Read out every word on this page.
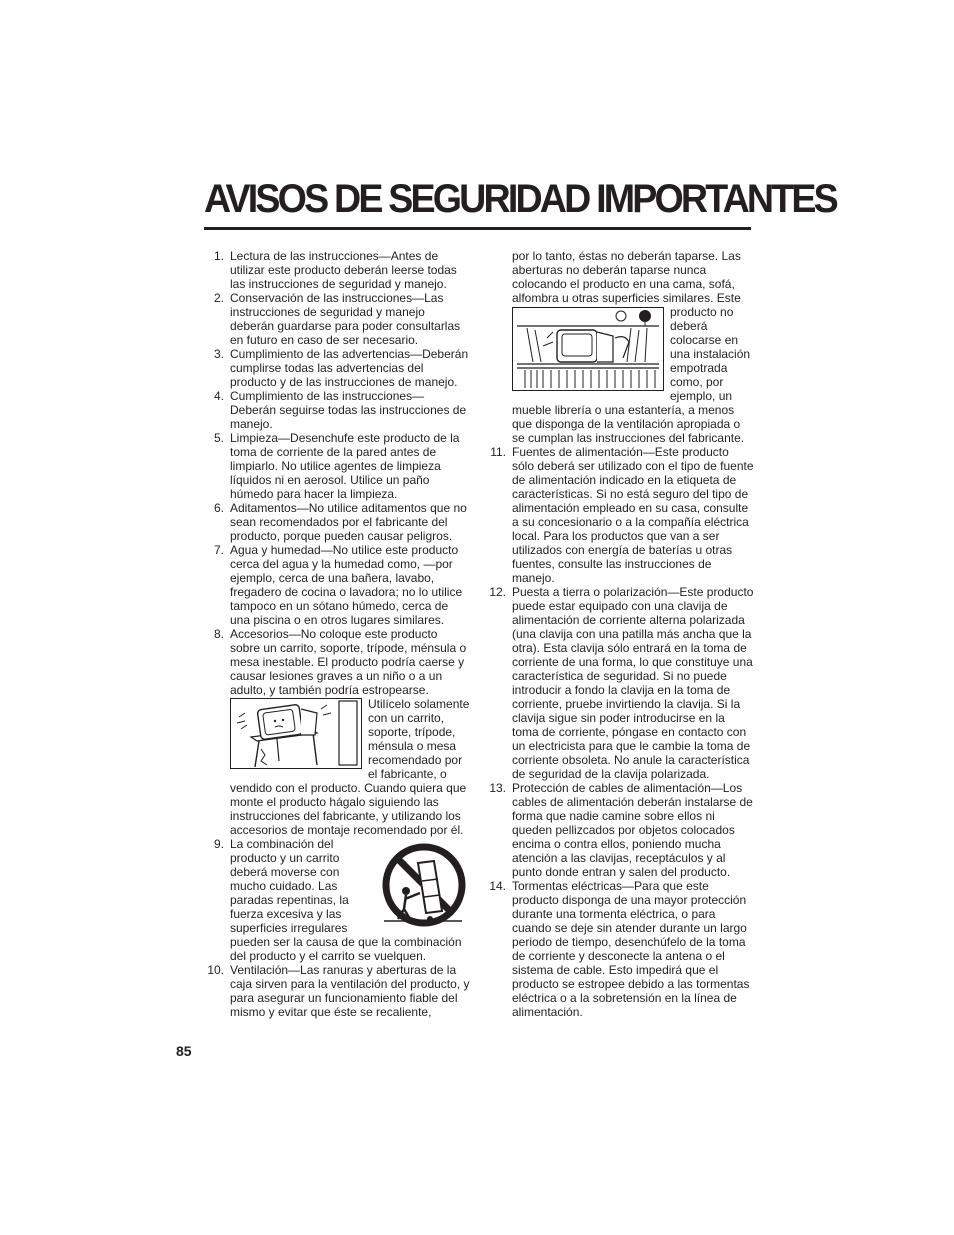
AVISOS DE SEGURIDAD IMPORTANTES
1. Lectura de las instrucciones—Antes de utilizar este producto deberán leerse todas las instrucciones de seguridad y manejo.
2. Conservación de las instrucciones—Las instrucciones de seguridad y manejo deberán guardarse para poder consultarlas en futuro en caso de ser necesario.
3. Cumplimiento de las advertencias—Deberán cumplirse todas las advertencias del producto y de las instrucciones de manejo.
4. Cumplimiento de las instrucciones—Deberán seguirse todas las instrucciones de manejo.
5. Limpieza—Desenchufe este producto de la toma de corriente de la pared antes de limpiarlo. No utilice agentes de limpieza líquidos ni en aerosol. Utilice un paño húmedo para hacer la limpieza.
6. Aditamentos—No utilice aditamentos que no sean recomendados por el fabricante del producto, porque pueden causar peligros.
7. Agua y humedad—No utilice este producto cerca del agua y la humedad como, —por ejemplo, cerca de una bañera, lavabo, fregadero de cocina o lavadora; no lo utilice tampoco en un sótano húmedo, cerca de una piscina o en otros lugares similares.
8. Accesorios—No coloque este producto sobre un carrito, soporte, trípode, ménsula o mesa inestable. El producto podría caerse y causar lesiones graves a un niño o a un adulto, y también podría estropearse.
Utilícelo solamente con un carrito, soporte, trípode, ménsula o mesa recomendado por el fabricante, o vendido con el producto. Cuando quiera que monte el producto hágalo siguiendo las instrucciones del fabricante, y utilizando los accesorios de montaje recomendado por él.
9. La combinación del producto y un carrito deberá moverse con mucho cuidado. Las paradas repentinas, la fuerza excesiva y las superficies irregulares pueden ser la causa de que la combinación del producto y el carrito se vuelquen.
10. Ventilación—Las ranuras y aberturas de la caja sirven para la ventilación del producto, y para asegurar un funcionamiento fiable del mismo y evitar que éste se recaliente,

por lo tanto, éstas no deberán taparse. Las aberturas no deberán taparse nunca colocando el producto en una cama, sofá, alfombra u otras superficies similares. Este

producto no deberá colocarse en una instalación empotrada como, por ejemplo, un mueble librería o una estantería, a menos que disponga de la ventilación apropiada o se cumplan las instrucciones del fabricante.
11. Fuentes de alimentación—Este producto sólo deberá ser utilizado con el tipo de fuente de alimentación indicado en la etiqueta de características. Si no está seguro del tipo de alimentación empleado en su casa, consulte a su concesionario o a la compañía eléctrica local. Para los productos que van a ser utilizados con energía de baterías u otras fuentes, consulte las instrucciones de manejo.
12. Puesta a tierra o polarización—Este producto puede estar equipado con una clavija de alimentación de corriente alterna polarizada (una clavija con una patilla más ancha que la otra). Esta clavija sólo entrará en la toma de corriente de una forma, lo que constituye una característica de seguridad. Si no puede introducir a fondo la clavija en la toma de corriente, pruebe invirtiendo la clavija. Si la clavija sigue sin poder introducirse en la toma de corriente, póngase en contacto con un electricista para que le cambie la toma de corriente obsoleta. No anule la característica de seguridad de la clavija polarizada.
13. Protección de cables de alimentación—Los cables de alimentación deberán instalarse de forma que nadie camine sobre ellos ni queden pellizcados por objetos colocados encima o contra ellos, poniendo mucha atención a las clavijas, receptáculos y al punto donde entran y salen del producto.
14. Tormentas eléctricas—Para que este producto disponga de una mayor protección durante una tormenta eléctrica, o para cuando se deje sin atender durante un largo periodo de tiempo, desenchúfelo de la toma de corriente y desconecte la antena o el sistema de cable. Esto impedirá que el producto se estropee debido a las tormentas eléctrica o a la sobretensión en la línea de alimentación.
85
